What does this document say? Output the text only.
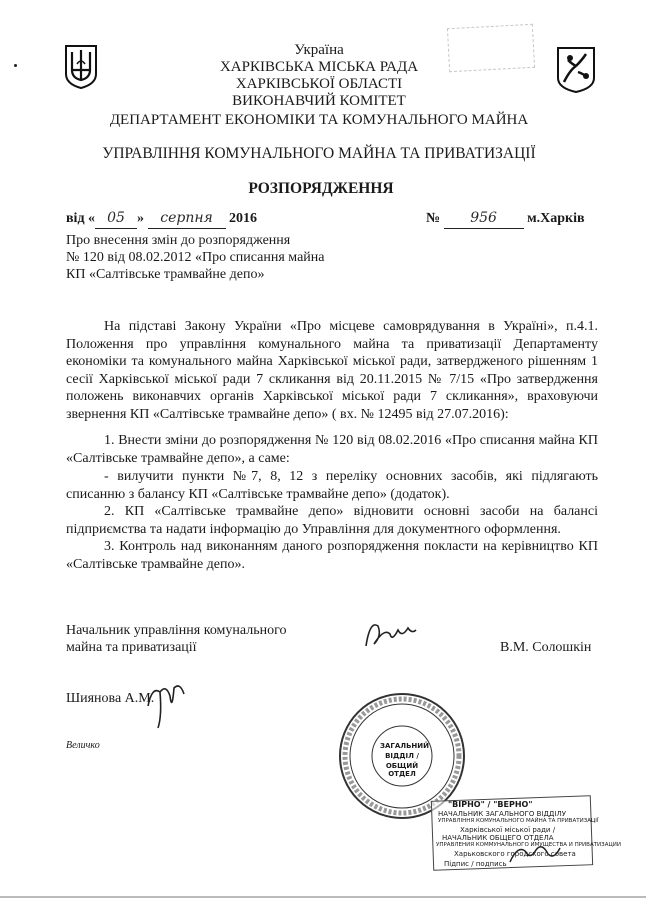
Україна
ХАРКІВСЬКА МІСЬКА РАДА
ХАРКІВСЬКОЇ ОБЛАСТІ
ВИКОНАВЧИЙ КОМІТЕТ
ДЕПАРТАМЕНТ ЕКОНОМІКИ ТА КОМУНАЛЬНОГО МАЙНА
УПРАВЛІННЯ КОМУНАЛЬНОГО МАЙНА ТА ПРИВАТИЗАЦІЇ
РОЗПОРЯДЖЕННЯ
від « 05 » серпня 2016	№ 956 м.Харків
Про внесення змін до розпорядження
№ 120 від 08.02.2012 «Про списання майна
КП «Салтівське трамвайне депо»
На підставі Закону України «Про місцеве самоврядування в Україні», п.4.1. Положення про управління комунального майна та приватизації Департаменту економіки та комунального майна Харківської міської ради, затвердженого рішенням 1 сесії Харківської міської ради 7 скликання від 20.11.2015 № 7/15 «Про затвердження положень виконавчих органів Харківської міської ради 7 скликання», враховуючи звернення КП «Салтівське трамвайне депо» ( вх. № 12495 від 27.07.2016):
1. Внести зміни до розпорядження № 120 від 08.02.2016 «Про списання майна КП «Салтівське трамвайне депо», а саме:
- вилучити пункти №7, 8, 12 з переліку основних засобів, які підлягають списанню з балансу КП «Салтівське трамвайне депо» (додаток).
2. КП «Салтівське трамвайне депо» відновити основні засоби на балансі підприємства та надати інформацію до Управління для документного оформлення.
3. Контроль над виконанням даного розпорядження покласти на керівництво КП «Салтівське трамвайне депо».
Начальник управління комунального
майна та приватизації	В.М. Солошкін
Шиянова А.М.
Величко	ЗАГАЛЬНИЙ
ВІДДІЛ /
ОБЩИЙ ОТДЕЛ
"ВІРНО" / "ВЕРНО"
НАЧАЛЬНИК ЗАГАЛЬНОГО ВІДДІЛУ
УПРАВЛІННЯ КОМУНАЛЬНОГО МАЙНА ТА ПРИВАТИЗАЦІЇ
Харківської міської ради /
НАЧАЛЬНИК ОБЩЕГО ОТДЕЛА
УПРАВЛЕНИЯ КОММУНАЛЬНОГО ИМУЩЕСТВА И ПРИВАТИЗАЦИИ
Харьковского городского совета
Підпис / подпись
